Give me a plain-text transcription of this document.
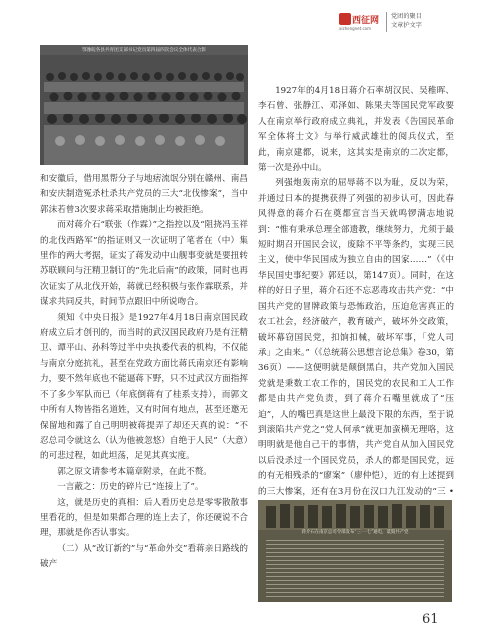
西征网
xizhengnet.com
党团的聚目
文章护文字
鄂豫皖各县共青团支部书记党员第四届四次会议全体代表合影

和安徽后，借用黑帮分子与地痞流氓分别在赣州、南昌和安庆制造冤杀杜杀共产党员的三大“北伐惨案”，当中郭沫若曾3次要求蒋采取措施制止均被拒绝。

而对蒋介石“联张（作霖）”之指控以及“阻挠冯玉祥的北伐西路军”的指证则又一次证明了笔者在（中）集里作的两大考据，证实了蒋发动中山舰事变就是要扭转苏联顾问与汪精卫制订的“先北后南”的政策，同时也再次证实了从北伐开始，蒋就已经积极与张作霖联系，并谋求共同反共，时间节点跟旧中所说吻合。

须知《中央日报》是1927年4月18日南京国民政府成立后才创刊的，而当时的武汉国民政府乃是有汪精卫、谭平山、孙科等过半中央执委代表的机构，不仅能与南京分庭抗礼，甚至在党政方面比蒋氏南京还有影响力，要不然年底也不能逼蒋下野，只不过武汉方面指挥不了多少军队而已（年底倒蒋有了桂系支持），而郭文中所有人物皆指名道姓，又有时间有地点，甚至还邀无保留地和露了自己明明被蒋提弄了却还天真的说：“不忍总司令就这么（认为他被忽悠）自绝于人民”（大意）的可悲过程，如此坦荡，足见其真实度。

郭之原文请参考本篇章附录，在此不赘。

一言蔽之：历史的碎片已“连接上了”。

这，就是历史的真相：后人看历史总是零零散散事里看花的，但是如果都合理的连上去了，你还硬说不合理，那就是你否认事实。

（二）从“改订新约”与“革命外交”看蒋亲日路线的破产

1927年的4月18日蒋介石率胡汉民、吴稚晖、李石曾、张静江、邓泽如、陈果夫等国民党军政要人在南京举行政府成立典礼，并发表《告国民革命军全体将士文》与举行威武雄壮的阅兵仪式，至此，南京建都，说来，这其实是南京的二次定都，第一次是孙中山。

列强炮轰南京的屈辱蒋不以为耻，反以为荣，并通过日本的提携获得了列强的初步认可，因此春风得意的蒋介石在奠都宣言当天就鸣锣满志地说到：“惟有秉承总理全部遗教，继续努力，尤须于最短时期召开国民会议，废除不平等条约，实现三民主义，使中华民国成为独立自由的国家……”（《中华民国史事纪要》郭廷以，第147页）。同时，在这样的好日子里，蒋介石还不忘恶毒攻击共产党：“中国共产党的冒牌政策与恐怖政治，压迫危害真正的农工社会，经济破产，教育破产，破坏外交政策，破坏幕窃国民党，扣饷扣械，破坏军事，「党人司承」之由来。”（《总统蒋公思想言论总集》卷30，第36页）——这便明就是颠倒黑白，共产党加入国民党就是秉数工农工作的，国民党的农民和工人工作都是由共产党负责，到了蒋介石嘴里就成了“压迫”，人的嘴巴真是这世上最没下限的东西，至于说到滚陷共产党之“党人何承”就更加蛮横无理咯，这明明就是他自己干的事情，共产党自从加入国民党以后没杀过一个国民党员，杀人的都是国民党，远的有无相残杀的“廖案”（廖仲恺），近的有上述提到的三大惨案，还有在3月份在汉口九江发动的“三 •

蒋介石在南京总司令部发布“三·一七”通电，诋毁共产党
61
